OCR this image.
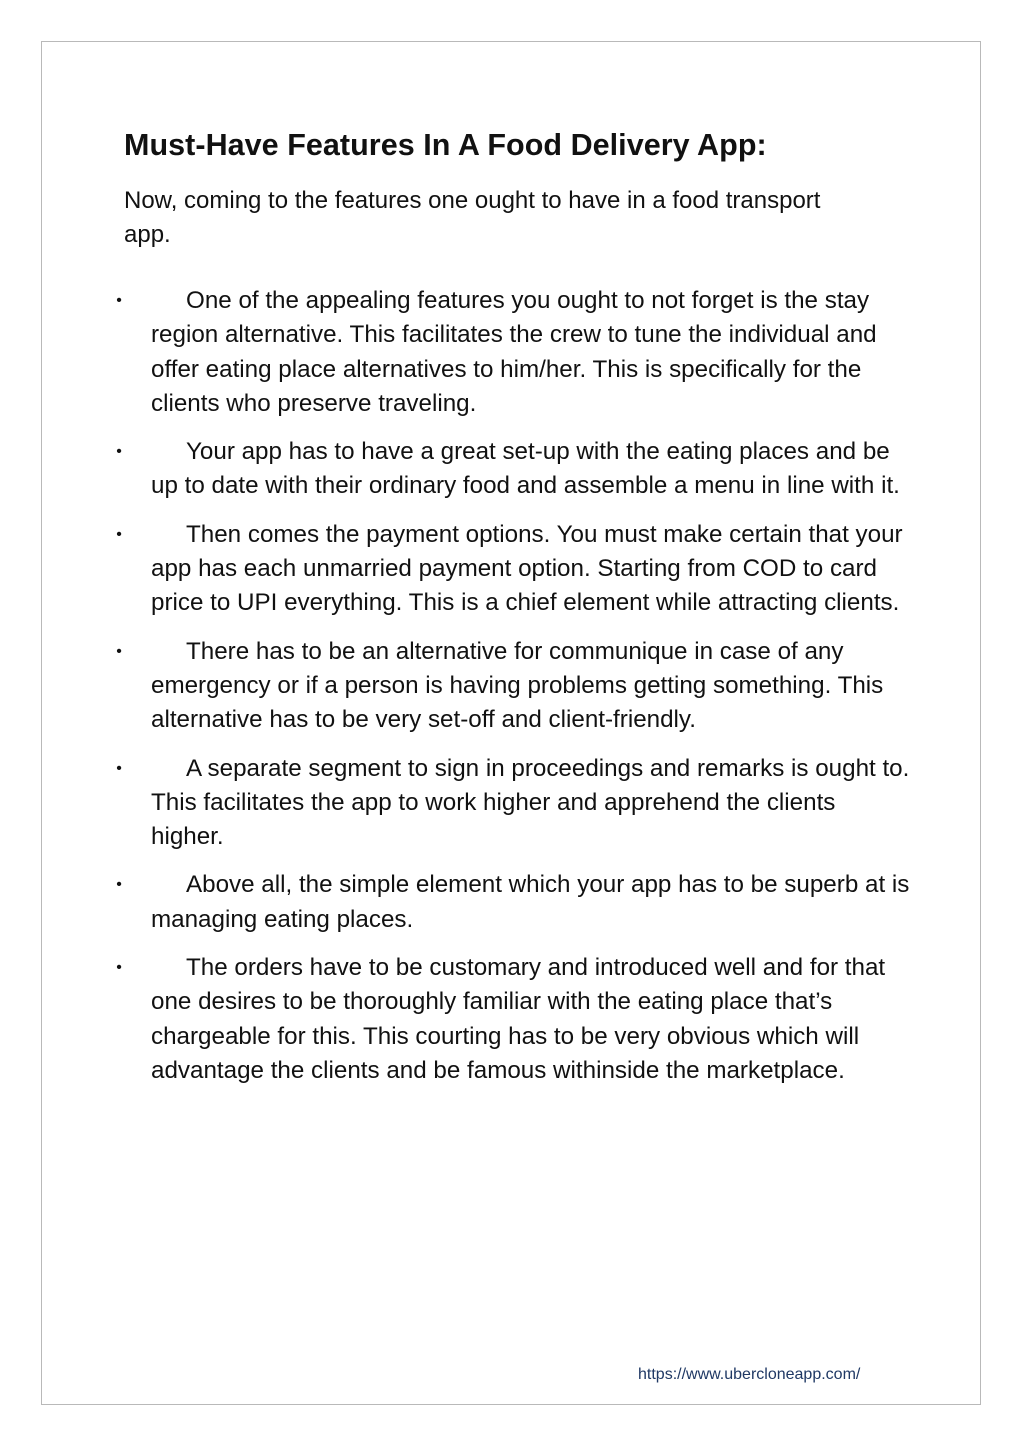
Must-Have Features In A Food Delivery App:

Now, coming to the features one ought to have in a food transport app.

•	One of the appealing features you ought to not forget is the stay region alternative. This facilitates the crew to tune the individual and offer eating place alternatives to him/her. This is specifically for the clients who preserve traveling.
•	Your app has to have a great set-up with the eating places and be up to date with their ordinary food and assemble a menu in line with it.
•	Then comes the payment options. You must make certain that your app has each unmarried payment option. Starting from COD to card price to UPI everything. This is a chief element while attracting clients.
•	There has to be an alternative for communique in case of any emergency or if a person is having problems getting something. This alternative has to be very set-off and client-friendly.
•	A separate segment to sign in proceedings and remarks is ought to. This facilitates the app to work higher and apprehend the clients higher.
•	Above all, the simple element which your app has to be superb at is managing eating places.
•	The orders have to be customary and introduced well and for that one desires to be thoroughly familiar with the eating place that’s chargeable for this. This courting has to be very obvious which will advantage the clients and be famous withinside the marketplace.
https://www.ubercloneapp.com/
